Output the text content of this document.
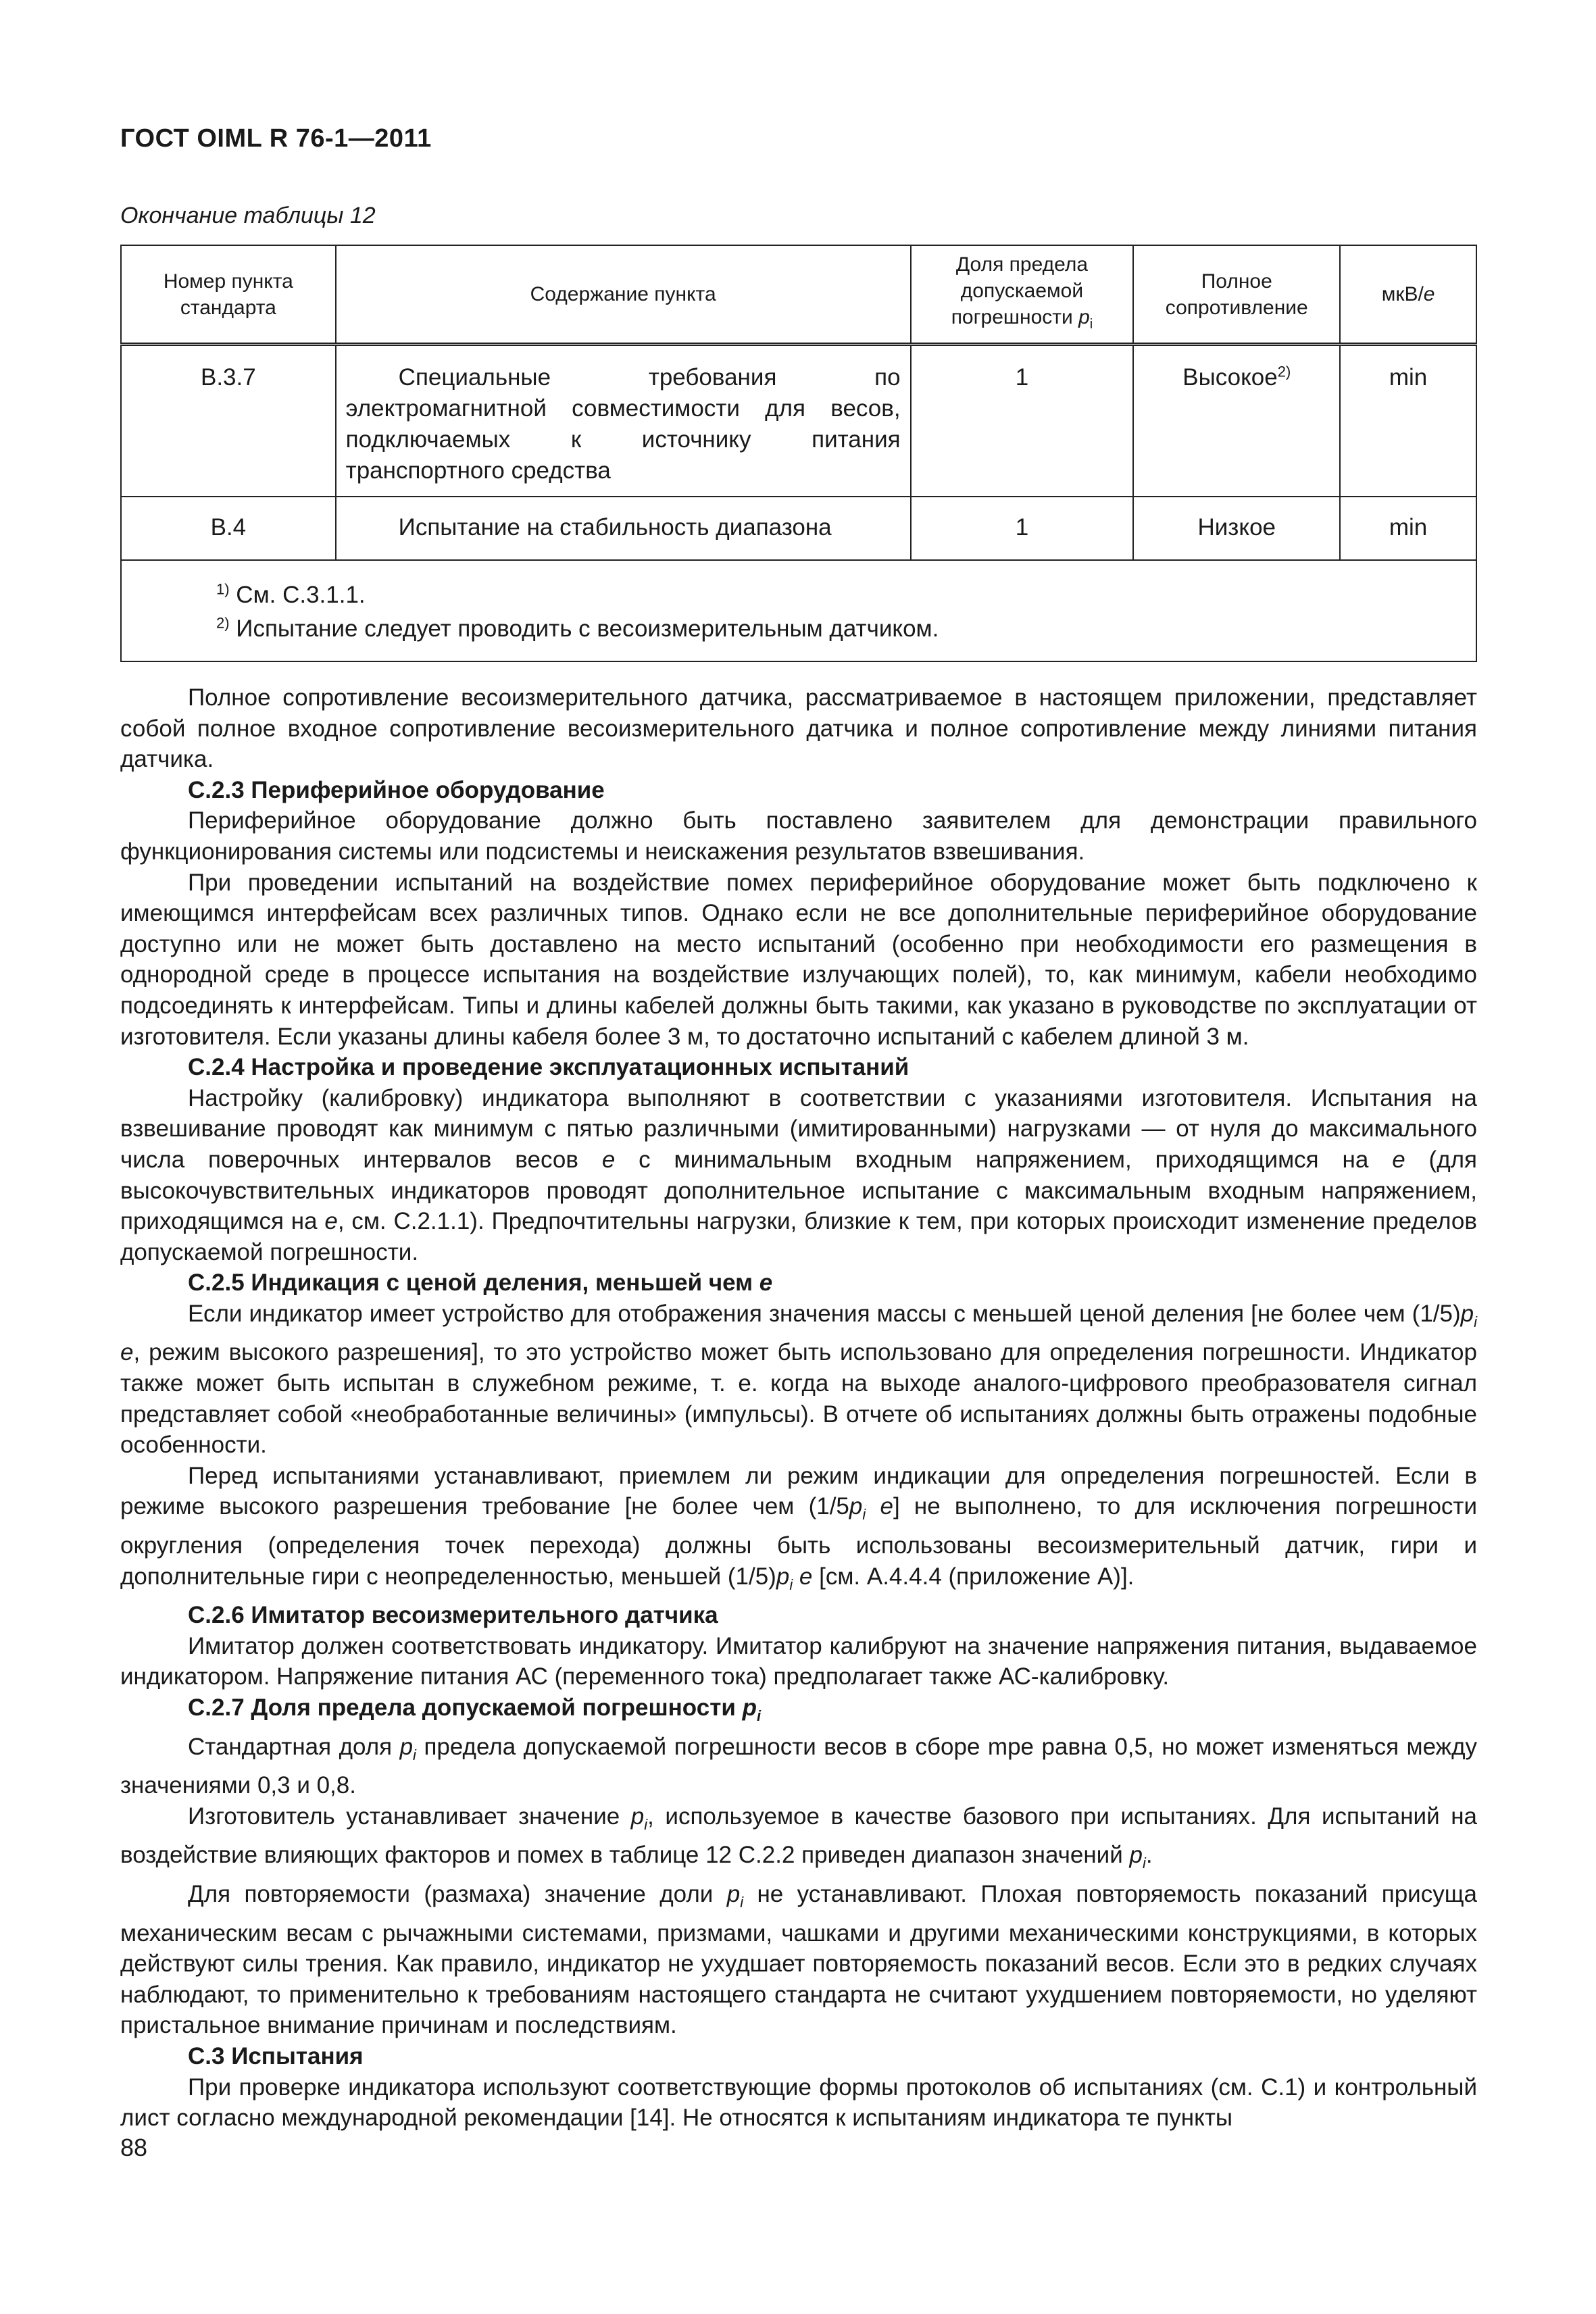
ГОСТ OIML R 76-1—2011
Окончание таблицы 12
Номер пункта стандарта	Содержание пункта	Доля предела допускаемой погрешности $p_i$	Полное сопротивление	мкВ/e
B.3.7	Специальные требования по электромагнитной совместимости для весов, подключаемых к источнику питания транспортного средства	1	Высокое$^{2)}$	min
B.4	Испытание на стабильность диапазона	1	Низкое	min

$^{1)}$ См. С.3.1.1.
$^{2)}$ Испытание следует проводить с весоизмерительным датчиком.				

Полное сопротивление весоизмерительного датчика, рассматриваемое в настоящем приложении, представляет собой полное входное сопротивление весоизмерительного датчика и полное сопротивление между линиями питания датчика.

С.2.3 Периферийное оборудование

Периферийное оборудование должно быть поставлено заявителем для демонстрации правильного функционирования системы или подсистемы и неискажения результатов взвешивания.

При проведении испытаний на воздействие помех периферийное оборудование может быть подключено к имеющимся интерфейсам всех различных типов. Однако если не все дополнительные периферийное оборудование доступно или не может быть доставлено на место испытаний (особенно при необходимости его размещения в однородной среде в процессе испытания на воздействие излучающих полей), то, как минимум, кабели необходимо подсоединять к интерфейсам. Типы и длины кабелей должны быть такими, как указано в руководстве по эксплуатации от изготовителя. Если указаны длины кабеля более 3 м, то достаточно испытаний с кабелем длиной 3 м.

С.2.4 Настройка и проведение эксплуатационных испытаний

Настройку (калибровку) индикатора выполняют в соответствии с указаниями изготовителя. Испытания на взвешивание проводят как минимум с пятью различными (имитированными) нагрузками — от нуля до максимального числа поверочных интервалов весов е с минимальным входным напряжением, приходящимся на е (для высокочувствительных индикаторов проводят дополнительное испытание с максимальным входным напряжением, приходящимся на е, см. С.2.1.1). Предпочтительны нагрузки, близкие к тем, при которых происходит изменение пределов допускаемой погрешности.

С.2.5 Индикация с ценой деления, меньшей чем е

Если индикатор имеет устройство для отображения значения массы с меньшей ценой деления [не более чем $(1/5)p_i$ е, режим высокого разрешения], то это устройство может быть использовано для определения погрешности. Индикатор также может быть испытан в служебном режиме, т. е. когда на выходе аналого-цифрового преобразователя сигнал представляет собой «необработанные величины» (импульсы). В отчете об испытаниях должны быть отражены подобные особенности.

Перед испытаниями устанавливают, приемлем ли режим индикации для определения погрешностей. Если в режиме высокого разрешения требование [не более чем ($1/5p_i$ е] не выполнено, то для исключения погрешности округления (определения точек перехода) должны быть использованы весоизмерительный датчик, гири и дополнительные гири с неопределенностью, меньшей $(1/5)p_i$ е [см. А.4.4.4 (приложение А)].

С.2.6 Имитатор весоизмерительного датчика

Имитатор должен соответствовать индикатору. Имитатор калибруют на значение напряжения питания, выдаваемое индикатором. Напряжение питания АС (переменного тока) предполагает также АС-калибровку.

С.2.7 Доля предела допускаемой погрешности $p_i$

Стандартная доля $p_i$ предела допускаемой погрешности весов в сборе mpe равна 0,5, но может изменяться между значениями 0,3 и 0,8.

Изготовитель устанавливает значение $p_i$, используемое в качестве базового при испытаниях. Для испытаний на воздействие влияющих факторов и помех в таблице 12 С.2.2 приведен диапазон значений $p_i$.

Для повторяемости (размаха) значение доли $p_i$ не устанавливают. Плохая повторяемость показаний присуща механическим весам с рычажными системами, призмами, чашками и другими механическими конструкциями, в которых действуют силы трения. Как правило, индикатор не ухудшает повторяемость показаний весов. Если это в редких случаях наблюдают, то применительно к требованиям настоящего стандарта не считают ухудшением повторяемости, но уделяют пристальное внимание причинам и последствиям.

С.3 Испытания

При проверке индикатора используют соответствующие формы протоколов об испытаниях (см. С.1) и контрольный лист согласно международной рекомендации [14]. Не относятся к испытаниям индикатора те пункты

88
